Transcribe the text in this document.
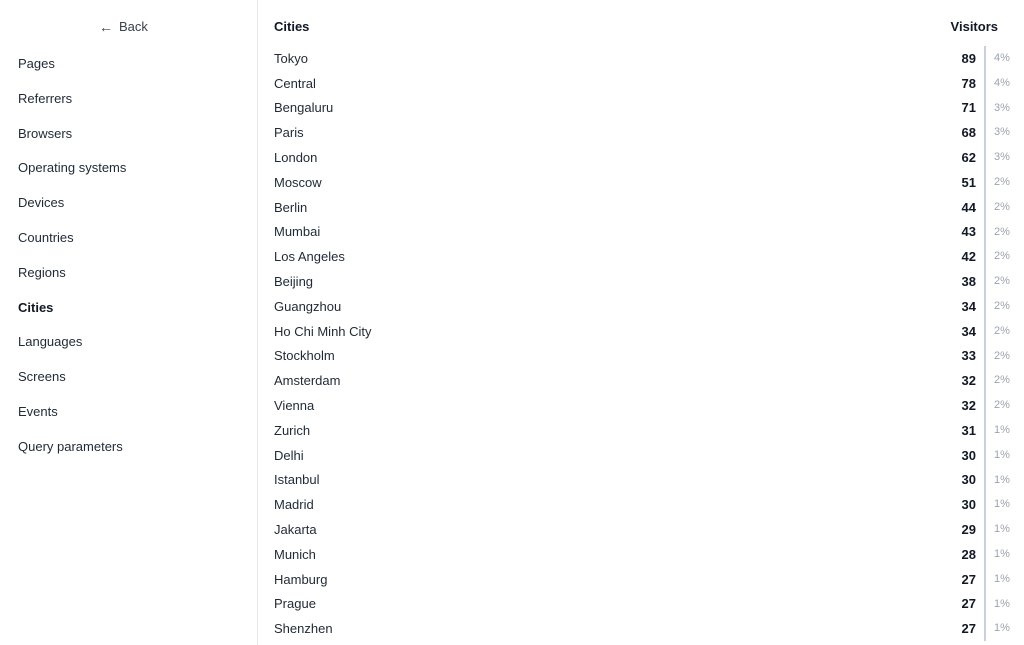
← Back
Pages
Referrers
Browsers
Operating systems
Devices
Countries
Regions
Cities
Languages
Screens
Events
Query parameters
Cities	Visitors
Tokyo	89	4%
Central	78	4%
Bengaluru	71	3%
Paris	68	3%
London	62	3%
Moscow	51	2%
Berlin	44	2%
Mumbai	43	2%
Los Angeles	42	2%
Beijing	38	2%
Guangzhou	34	2%
Ho Chi Minh City	34	2%
Stockholm	33	2%
Amsterdam	32	2%
Vienna	32	2%
Zurich	31	1%
Delhi	30	1%
Istanbul	30	1%
Madrid	30	1%
Jakarta	29	1%
Munich	28	1%
Hamburg	27	1%
Prague	27	1%
Shenzhen	27	1%
